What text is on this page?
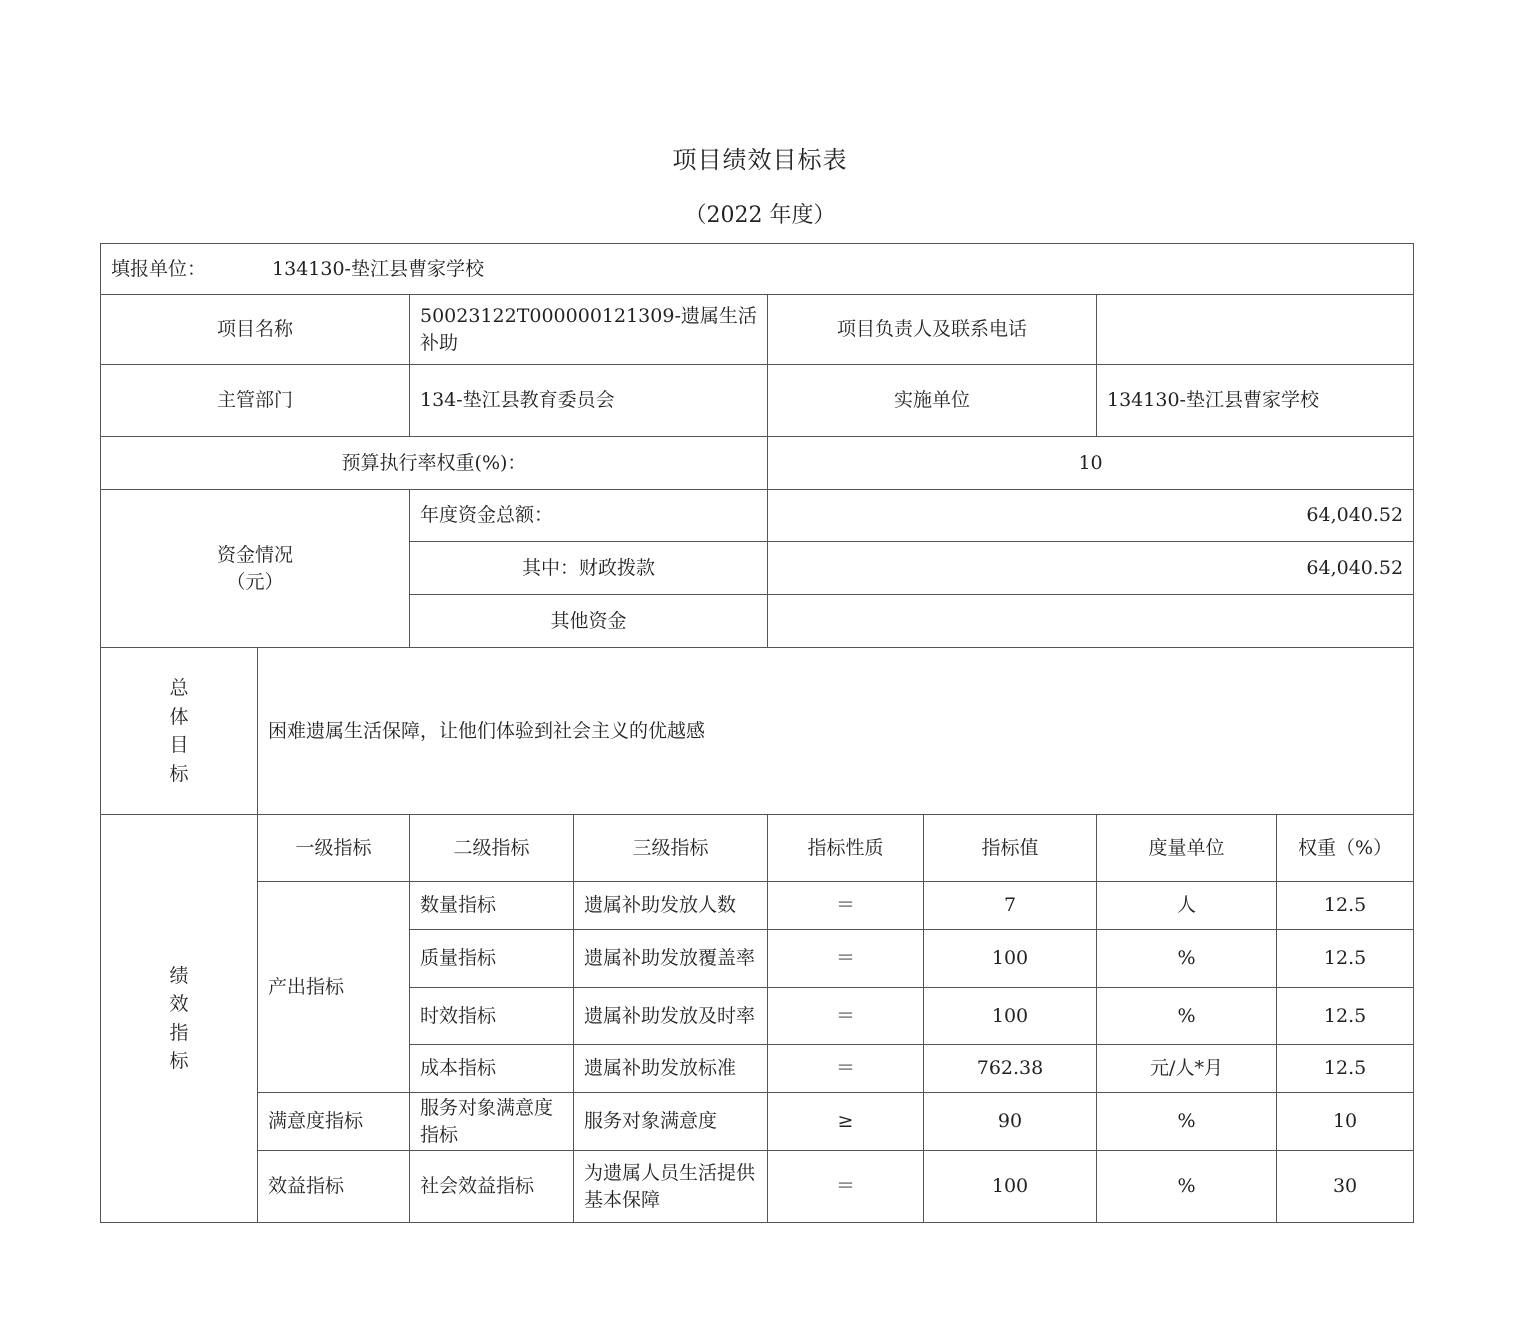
项目绩效目标表
（2022 年度）
填报单位： 134130-垫江县曹家学校							
项目名称		50023122T000000121309-遗属生活补助		项目负责人及联系电话			
主管部门		134-垫江县教育委员会		实施单位		134130-垫江县曹家学校	
预算执行率权重(%)：				10			
资金情况
（元）		年度资金总额：		64,040.52			
		其中：财政拨款		64,040.52			
		其他资金					

总
体
目
标	困难遗属生活保障，让他们体验到社会主义的优越感						

绩
效
指
标	一级指标	二级指标	三级指标	指标性质	指标值	度量单位	权重（%）
	产出指标	数量指标	遗属补助发放人数	＝	7	人	12.5
		质量指标	遗属补助发放覆盖率	＝	100	%	12.5
		时效指标	遗属补助发放及时率	＝	100	%	12.5
		成本指标	遗属补助发放标准	＝	762.38	元/人*月	12.5
	满意度指标	服务对象满意度指标	服务对象满意度	≥	90	%	10
	效益指标	社会效益指标	为遗属人员生活提供基本保障	＝	100	%	30
